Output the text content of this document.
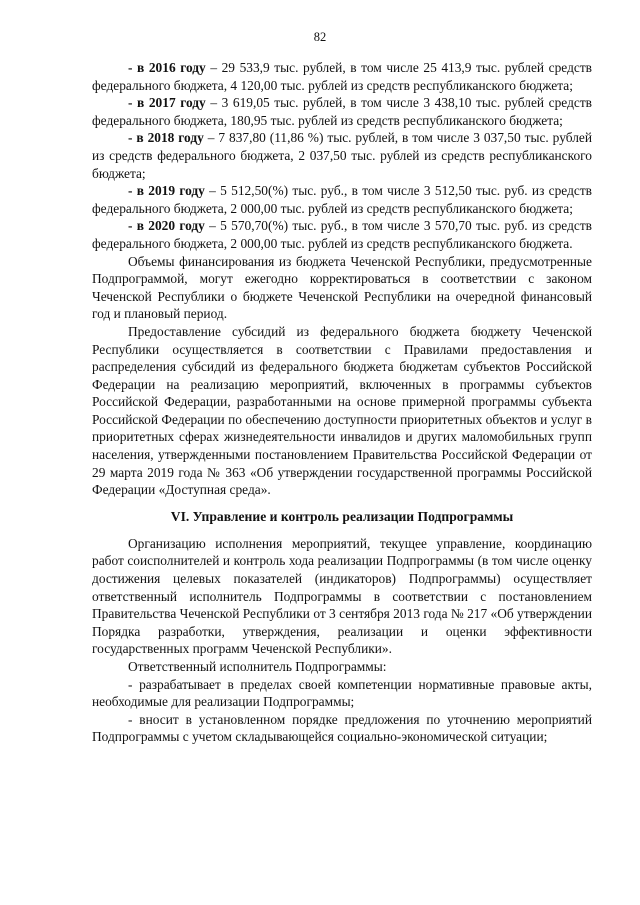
82

- в 2016 году – 29 533,9 тыс. рублей, в том числе 25 413,9 тыс. рублей средств федерального бюджета, 4 120,00 тыс. рублей из средств республиканского бюджета;

- в 2017 году – 3 619,05 тыс. рублей, в том числе 3 438,10 тыс. рублей средств федерального бюджета, 180,95 тыс. рублей из средств республиканского бюджета;

- в 2018 году – 7 837,80 (11,86 %) тыс. рублей, в том числе 3 037,50 тыс. рублей из средств федерального бюджета, 2 037,50 тыс. рублей из средств республиканского бюджета;

- в 2019 году – 5 512,50(%) тыс. руб., в том числе 3 512,50 тыс. руб. из средств федерального бюджета, 2 000,00 тыс. рублей из средств республиканского бюджета;

- в 2020 году – 5 570,70(%) тыс. руб., в том числе 3 570,70 тыс. руб. из средств федерального бюджета, 2 000,00 тыс. рублей из средств республиканского бюджета.

Объемы финансирования из бюджета Чеченской Республики, предусмотренные Подпрограммой, могут ежегодно корректироваться в соответствии с законом Чеченской Республики о бюджете Чеченской Республики на очередной финансовый год и плановый период.

Предоставление субсидий из федерального бюджета бюджету Чеченской Республики осуществляется в соответствии с Правилами предоставления и распределения субсидий из федерального бюджета бюджетам субъектов Российской Федерации на реализацию мероприятий, включенных в программы субъектов Российской Федерации, разработанными на основе примерной программы субъекта Российской Федерации по обеспечению доступности приоритетных объектов и услуг в приоритетных сферах жизнедеятельности инвалидов и других маломобильных групп населения, утвержденными постановлением Правительства Российской Федерации от 29 марта 2019 года № 363 «Об утверждении государственной программы Российской Федерации «Доступная среда».

VI. Управление и контроль реализации Подпрограммы

Организацию исполнения мероприятий, текущее управление, координацию работ соисполнителей и контроль хода реализации Подпрограммы (в том числе оценку достижения целевых показателей (индикаторов) Подпрограммы) осуществляет ответственный исполнитель Подпрограммы в соответствии с постановлением Правительства Чеченской Республики от 3 сентября 2013 года № 217 «Об утверждении Порядка разработки, утверждения, реализации и оценки эффективности государственных программ Чеченской Республики».

Ответственный исполнитель Подпрограммы:

- разрабатывает в пределах своей компетенции нормативные правовые акты, необходимые для реализации Подпрограммы;

- вносит в установленном порядке предложения по уточнению мероприятий Подпрограммы с учетом складывающейся социально-экономической ситуации;
